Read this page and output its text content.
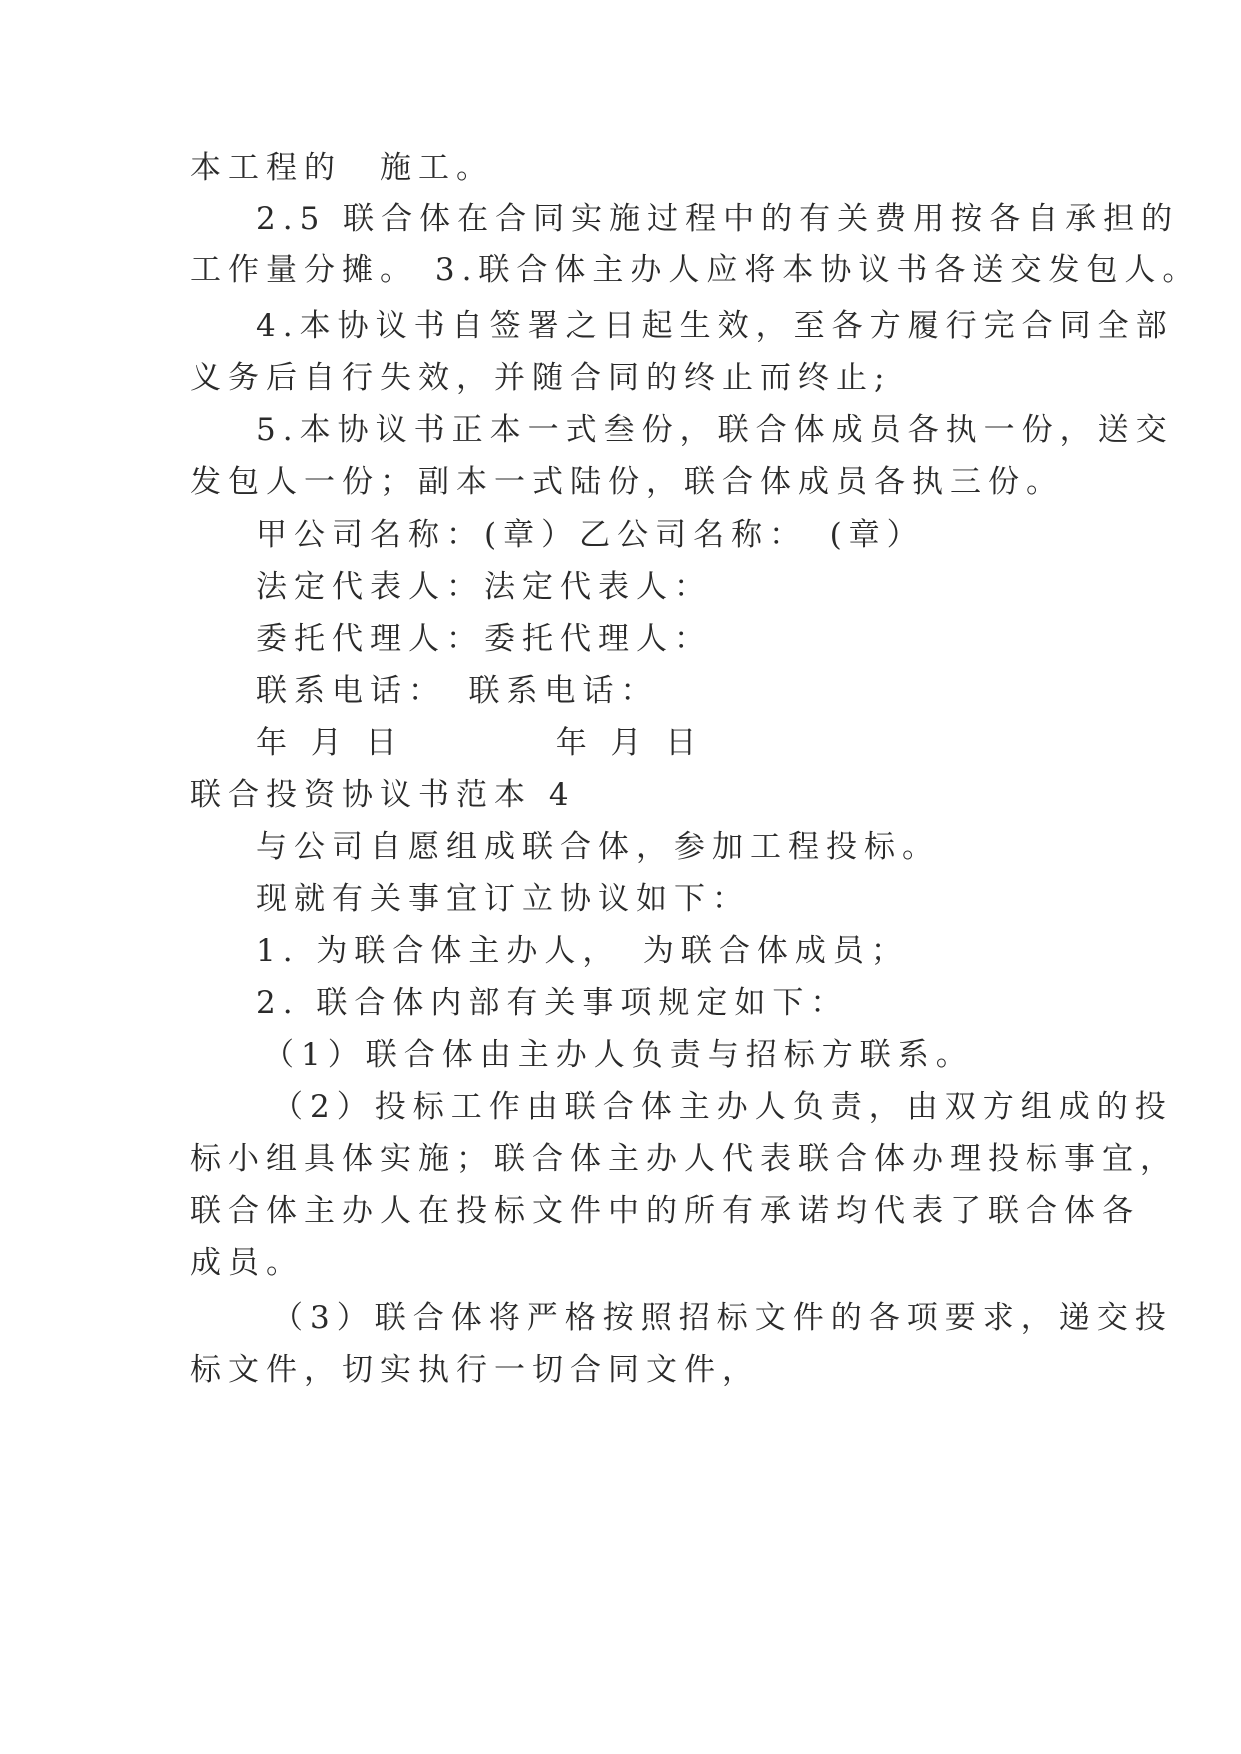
本工程的　施工。
2.5 联合体在合同实施过程中的有关费用按各自承担的
工作量分摊。 3.联合体主办人应将本协议书各送交发包人。
4.本协议书自签署之日起生效，至各方履行完合同全部
义务后自行失效，并随合同的终止而终止;
5.本协议书正本一式叁份，联合体成员各执一份，送交
发包人一份；副本一式陆份，联合体成员各执三份。
甲公司名称：(章）乙公司名称：　(章）
法定代表人：法定代表人：
委托代理人：委托代理人：
联系电话：　联系电话：
年 月 日　　　　年 月 日
联合投资协议书范本 4
与公司自愿组成联合体，参加工程投标。
现就有关事宜订立协议如下：
1. 为联合体主办人，　为联合体成员；
2. 联合体内部有关事项规定如下：
（1）联合体由主办人负责与招标方联系。
（2）投标工作由联合体主办人负责，由双方组成的投
标小组具体实施；联合体主办人代表联合体办理投标事宜，
联合体主办人在投标文件中的所有承诺均代表了联合体各
成员。
（3）联合体将严格按照招标文件的各项要求，递交投
标文件，切实执行一切合同文件，
